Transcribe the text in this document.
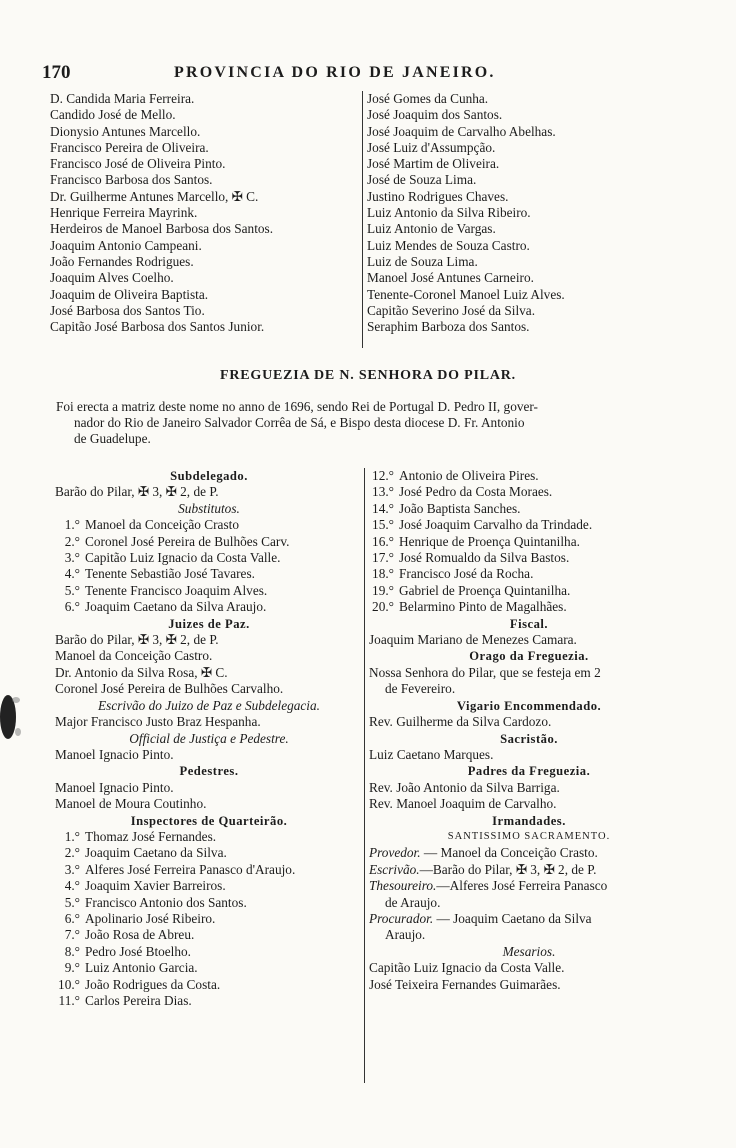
170	PROVINCIA DO RIO DE JANEIRO.
D. Candida Maria Ferreira.
Candido José de Mello.
Dionysio Antunes Marcello.
Francisco Pereira de Oliveira.
Francisco José de Oliveira Pinto.
Francisco Barbosa dos Santos.
Dr. Guilherme Antunes Marcello, ✠ C.
Henrique Ferreira Mayrink.
Herdeiros de Manoel Barbosa dos Santos.
Joaquim Antonio Campeani.
João Fernandes Rodrigues.
Joaquim Alves Coelho.
Joaquim de Oliveira Baptista.
José Barbosa dos Santos Tio.
Capitão José Barbosa dos Santos Junior.
José Gomes da Cunha.
José Joaquim dos Santos.
José Joaquim de Carvalho Abelhas.
José Luiz d'Assumpção.
José Martim de Oliveira.
José de Souza Lima.
Justino Rodrigues Chaves.
Luiz Antonio da Silva Ribeiro.
Luiz Antonio de Vargas.
Luiz Mendes de Souza Castro.
Luiz de Souza Lima.
Manoel José Antunes Carneiro.
Tenente-Coronel Manoel Luiz Alves.
Capitão Severino José da Silva.
Seraphim Barboza dos Santos.
FREGUEZIA DE N. SENHORA DO PILAR.
Foi erecta a matriz deste nome no anno de 1696, sendo Rei de Portugal D. Pedro II, gover-
nador do Rio de Janeiro Salvador Corrêa de Sá, e Bispo desta diocese D. Fr. Antonio
de Guadelupe.
Subdelegado.
Barão do Pilar, ✠ 3, ✠ 2, de P.
Substitutos.
1.° Manoel da Conceição Crasto
2.° Coronel José Pereira de Bulhões Carv.
3.° Capitão Luiz Ignacio da Costa Valle.
4.° Tenente Sebastião José Tavares.
5.° Tenente Francisco Joaquim Alves.
6.° Joaquim Caetano da Silva Araujo.
Juizes de Paz.
Barão do Pilar, ✠ 3, ✠ 2, de P.
Manoel da Conceição Castro.
Dr. Antonio da Silva Rosa, ✠ C.
Coronel José Pereira de Bulhões Carvalho.
Escrivão do Juizo de Paz e Subdelegacia.
Major Francisco Justo Braz Hespanha.
Official de Justiça e Pedestre.
Manoel Ignacio Pinto.
Pedestres.
Manoel Ignacio Pinto.
Manoel de Moura Coutinho.
Inspectores de Quarteirão.
1.° Thomaz José Fernandes.
2.° Joaquim Caetano da Silva.
3.° Alferes José Ferreira Panasco d'Araujo.
4.° Joaquim Xavier Barreiros.
5.° Francisco Antonio dos Santos.
6.° Apolinario José Ribeiro.
7.° João Rosa de Abreu.
8.° Pedro José Btoelho.
9.° Luiz Antonio Garcia.
10.° João Rodrigues da Costa.
11.° Carlos Pereira Dias.
12.° Antonio de Oliveira Pires.
13.° José Pedro da Costa Moraes.
14.° João Baptista Sanches.
15.° José Joaquim Carvalho da Trindade.
16.° Henrique de Proença Quintanilha.
17.° José Romualdo da Silva Bastos.
18.° Francisco José da Rocha.
19.° Gabriel de Proença Quintanilha.
20.° Belarmino Pinto de Magalhães.
Fiscal.
Joaquim Mariano de Menezes Camara.
Orago da Freguezia.
Nossa Senhora do Pilar, que se festeja em 2
de Fevereiro.
Vigario Encommendado.
Rev. Guilherme da Silva Cardozo.
Sacristão.
Luiz Caetano Marques.
Padres da Freguezia.
Rev. João Antonio da Silva Barriga.
Rev. Manoel Joaquim de Carvalho.
Irmandades.
SANTISSIMO SACRAMENTO.
Provedor. — Manoel da Conceição Crasto.
Escrivão.—Barão do Pilar, ✠ 3, ✠ 2, de P.
Thesoureiro.—Alferes José Ferreira Panasco
de Araujo.
Procurador. — Joaquim Caetano da Silva
Araujo.
Mesarios.
Capitão Luiz Ignacio da Costa Valle.
José Teixeira Fernandes Guimarães.
